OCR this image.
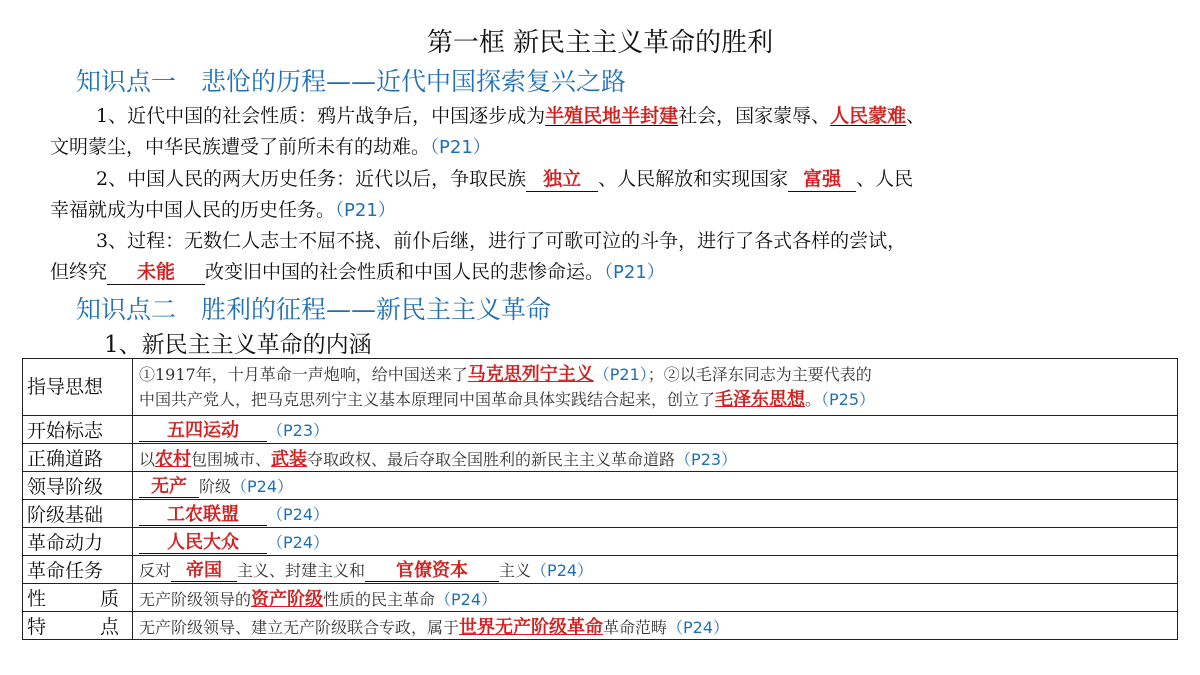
第一框 新民主主义革命的胜利
知识点一　悲怆的历程——近代中国探索复兴之路
1、近代中国的社会性质：鸦片战争后，中国逐步成为半殖民地半封建社会，国家蒙辱、人民蒙难、
文明蒙尘，中华民族遭受了前所未有的劫难。（P21）
2、中国人民的两大历史任务：近代以后，争取民族 独立 、人民解放和实现国家 富强 、人民
幸福就成为中国人民的历史任务。（P21）
3、过程：无数仁人志士不屈不挠、前仆后继，进行了可歌可泣的斗争，进行了各式各样的尝试，
但终究 未能 改变旧中国的社会性质和中国人民的悲惨命运。（P21）
知识点二　胜利的征程——新民主主义革命
1、新民主主义革命的内涵
指导思想	①1917年，十月革命一声炮响，给中国送来了马克思列宁主义（P21）；②以毛泽东同志为主要代表的
中国共产党人，把马克思列宁主义基本原理同中国革命具体实践结合起来，创立了毛泽东思想。（P25）
开始标志	五四运动 （P23）
正确道路	以农村包围城市、武装夺取政权、最后夺取全国胜利的新民主主义革命道路（P23）
领导阶级	无产 阶级（P24）
阶级基础	工农联盟 （P24）
革命动力	人民大众 （P24）
革命任务	反对 帝国 主义、封建主义和 官僚资本 主义（P24）

性 质	无产阶级领导的资产阶级性质的民主革命（P24）

特 点	无产阶级领导、建立无产阶级联合专政，属于世界无产阶级革命革命范畴（P24）
